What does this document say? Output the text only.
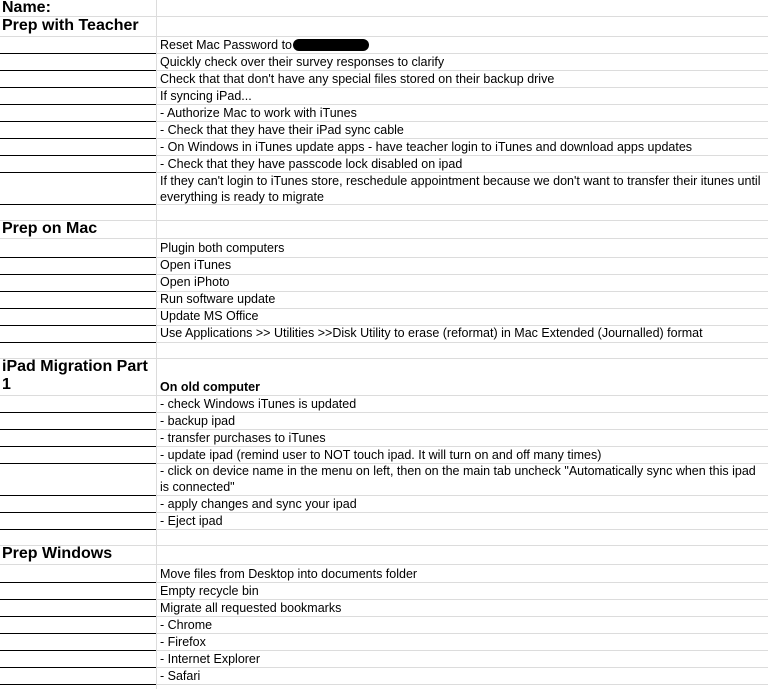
Name:
Prep with Teacher
Reset Mac Password to
Quickly check over their survey responses to clarify
Check that that don't have any special files stored on their backup drive
If syncing iPad...
- Authorize Mac to work with iTunes
- Check that they have their iPad sync cable
- On Windows in iTunes update apps - have teacher login to iTunes and download apps updates
- Check that they have passcode lock disabled on ipad
If they can't login to iTunes store, reschedule appointment because we don't want to transfer their itunes until everything is ready to migrate
Prep on Mac
Plugin both computers
Open iTunes
Open iPhoto
Run software update
Update MS Office
Use Applications >> Utilities >>Disk Utility to erase (reformat) in Mac Extended (Journalled) format
iPad Migration Part 1	On old computer
- check Windows iTunes is updated
- backup ipad
- transfer purchases to iTunes
- update ipad (remind user to NOT touch ipad. It will turn on and off many times)
- click on device name in the menu on left, then on the main tab uncheck "Automatically sync when this ipad is connected"
- apply changes and sync your ipad
- Eject ipad
Prep Windows
Move files from Desktop into documents folder
Empty recycle bin
Migrate all requested bookmarks
- Chrome
- Firefox
- Internet Explorer
- Safari
